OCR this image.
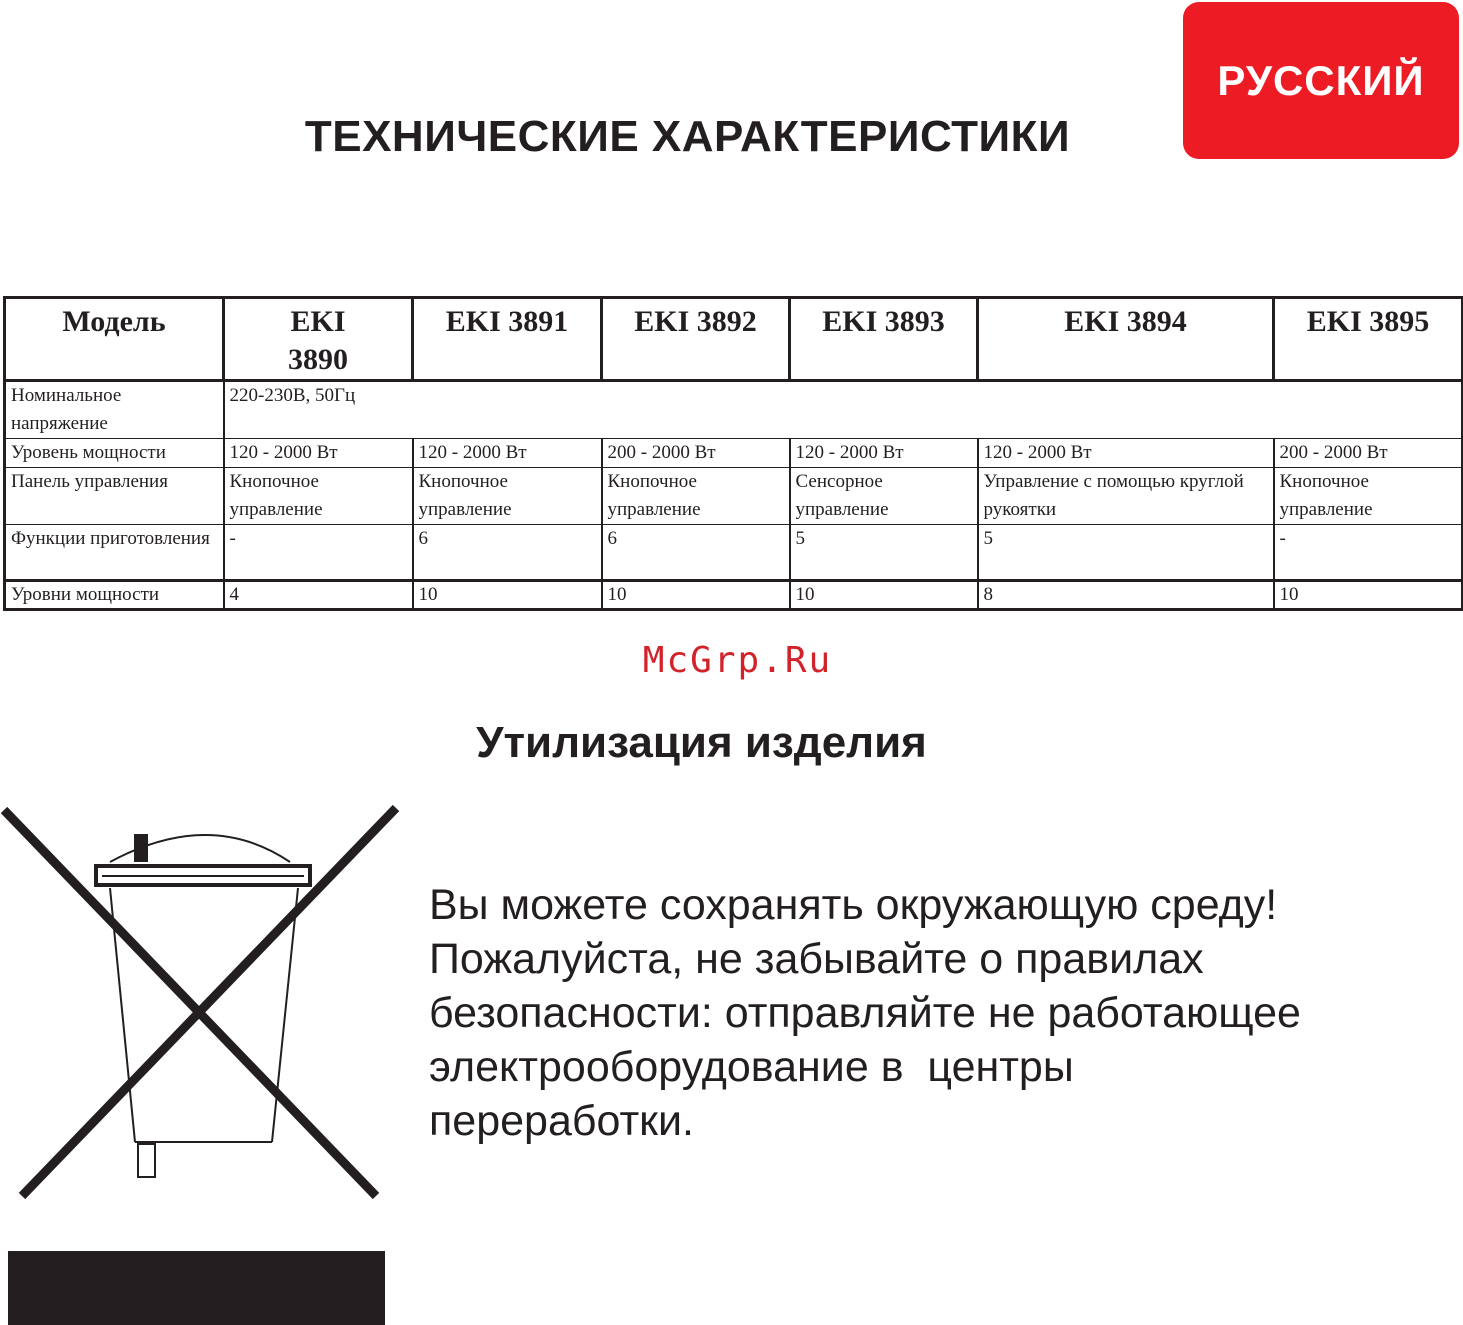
РУССКИЙ
ТЕХНИЧЕСКИЕ ХАРАКТЕРИСТИКИ
Модель	EKI 3890	EKI 3891	EKI 3892	EKI 3893	EKI 3894	EKI 3895
Номинальное напряжение	220-230В, 50Гц					
Уровень мощности	120 - 2000 Вт	120 - 2000 Вт	200 - 2000 Вт	120 - 2000 Вт	120 - 2000 Вт	200 - 2000 Вт
Панель управления	Кнопочное управление	Кнопочное управление	Кнопочное управление	Сенсорное управление	Управление с помощью круглой рукоятки	Кнопочное управление
Функции приготовления	-	6	6	5	5	-
Уровни мощности	4	10	10	10	8	10
McGrp.Ru
Утилизация изделия

Вы можете сохранять окружающую среду!

Пожалуйста, не забывайте о правилах

безопасности: отправляйте не работающее

электрооборудование в  центры

переработки.
